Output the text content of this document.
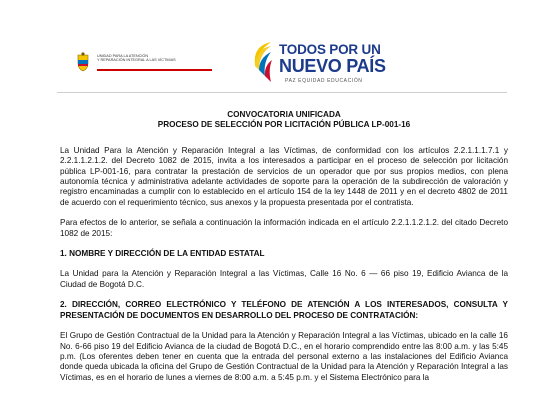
UNIDAD PARA LA ATENCIÓN
Y REPARACIÓN INTEGRAL A LAS VÍCTIMAS
TODOS POR UN
NUEVO PAÍS
PAZ EQUIDAD EDUCACIÓN
CONVOCATORIA UNIFICADA
PROCESO DE SELECCIÓN POR LICITACIÓN PÚBLICA LP-001-16
La Unidad Para la Atención y Reparación Integral a las Víctimas, de conformidad con los artículos 2.2.1.1.1.7.1 y 2.2.1.1.2.1.2. del Decreto 1082 de 2015, invita a los interesados a participar en el proceso de selección por licitación pública LP-001-16, para contratar la prestación de servicios de un operador que por sus propios medios, con plena autonomía técnica y administrativa adelante actividades de soporte para la operación de la subdirección de valoración y registro encaminadas a cumplir con lo establecido en el artículo 154 de la ley 1448 de 2011 y en el decreto 4802 de 2011 de acuerdo con el requerimiento técnico, sus anexos y la propuesta presentada por el contratista.
Para efectos de lo anterior, se señala a continuación la información indicada en el artículo 2.2.1.1.2.1.2. del citado Decreto 1082 de 2015:
1. NOMBRE Y DIRECCIÓN DE LA ENTIDAD ESTATAL
La Unidad para la Atención y Reparación Integral a las Víctimas, Calle 16 No. 6 — 66 piso 19, Edificio Avianca de la Ciudad de Bogotá D.C.
2. DIRECCIÓN, CORREO ELECTRÓNICO Y TELÉFONO DE ATENCIÓN A LOS INTERESADOS, CONSULTA Y PRESENTACIÓN DE DOCUMENTOS EN DESARROLLO DEL PROCESO DE CONTRATACIÓN:
El Grupo de Gestión Contractual de la Unidad para la Atención y Reparación Integral a las Víctimas, ubicado en la calle 16 No. 6-66 piso 19 del Edificio Avianca de la ciudad de Bogotá D.C., en el horario comprendido entre las 8:00 a.m. y las 5:45 p.m. (Los oferentes deben tener en cuenta que la entrada del personal externo a las instalaciones del Edificio Avianca donde queda ubicada la oficina del Grupo de Gestión Contractual de la Unidad para la Atención y Reparación Integral a las Víctimas, es en el horario de lunes a viernes de 8:00 a.m. a 5:45 p.m. y el Sistema Electrónico para la
